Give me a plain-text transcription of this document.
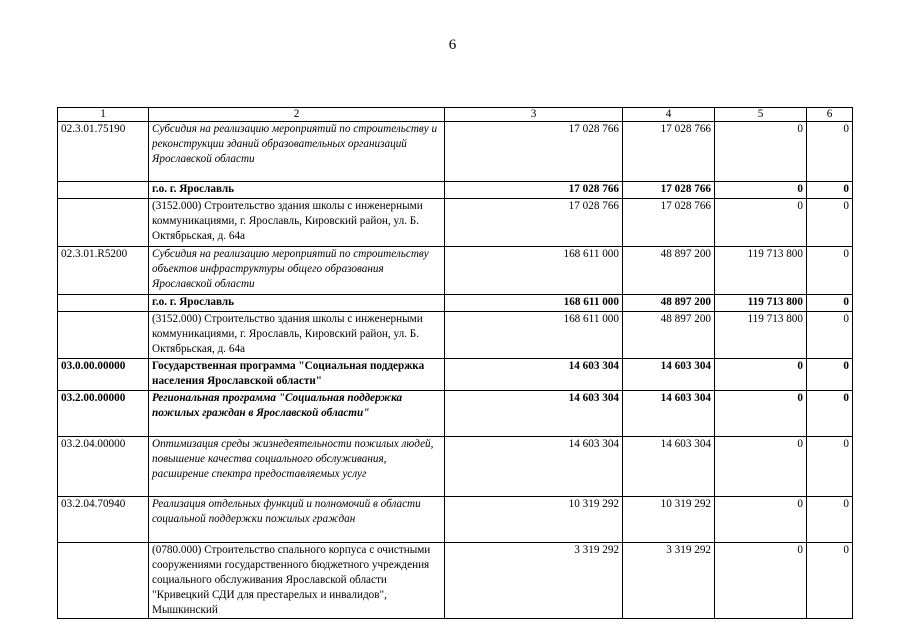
6
1	2	3	4	5	6
02.3.01.75190	Субсидия на реализацию мероприятий по строительству и реконструкции зданий образовательных организаций Ярославской области	17 028 766	17 028 766	0	0
	г.о. г. Ярославль	17 028 766	17 028 766	0	0
	(3152.000) Строительство здания школы с инженерными коммуникациями, г. Ярославль, Кировский район, ул. Б. Октябрьская, д. 64а	17 028 766	17 028 766	0	0
02.3.01.R5200	Субсидия на реализацию мероприятий по строительству объектов инфраструктуры общего образования Ярославской области	168 611 000	48 897 200	119 713 800	0
	г.о. г. Ярославль	168 611 000	48 897 200	119 713 800	0
	(3152.000) Строительство здания школы с инженерными коммуникациями, г. Ярославль, Кировский район, ул. Б. Октябрьская, д. 64а	168 611 000	48 897 200	119 713 800	0
03.0.00.00000	Государственная программа "Социальная поддержка населения Ярославской области"	14 603 304	14 603 304	0	0
03.2.00.00000	Региональная программа "Социальная поддержка пожилых граждан в Ярославской области"	14 603 304	14 603 304	0	0
03.2.04.00000	Оптимизация среды жизнедеятельности пожилых людей, повышение качества социального обслуживания, расширение спектра предоставляемых услуг	14 603 304	14 603 304	0	0
03.2.04.70940	Реализация отдельных функций и полномочий в области социальной поддержки пожилых граждан	10 319 292	10 319 292	0	0
	(0780.000) Строительство спального корпуса с очистными сооружениями государственного бюджетного учреждения социального обслуживания Ярославской области "Кривецкий СДИ для престарелых и инвалидов", Мышкинский	3 319 292	3 319 292	0	0
